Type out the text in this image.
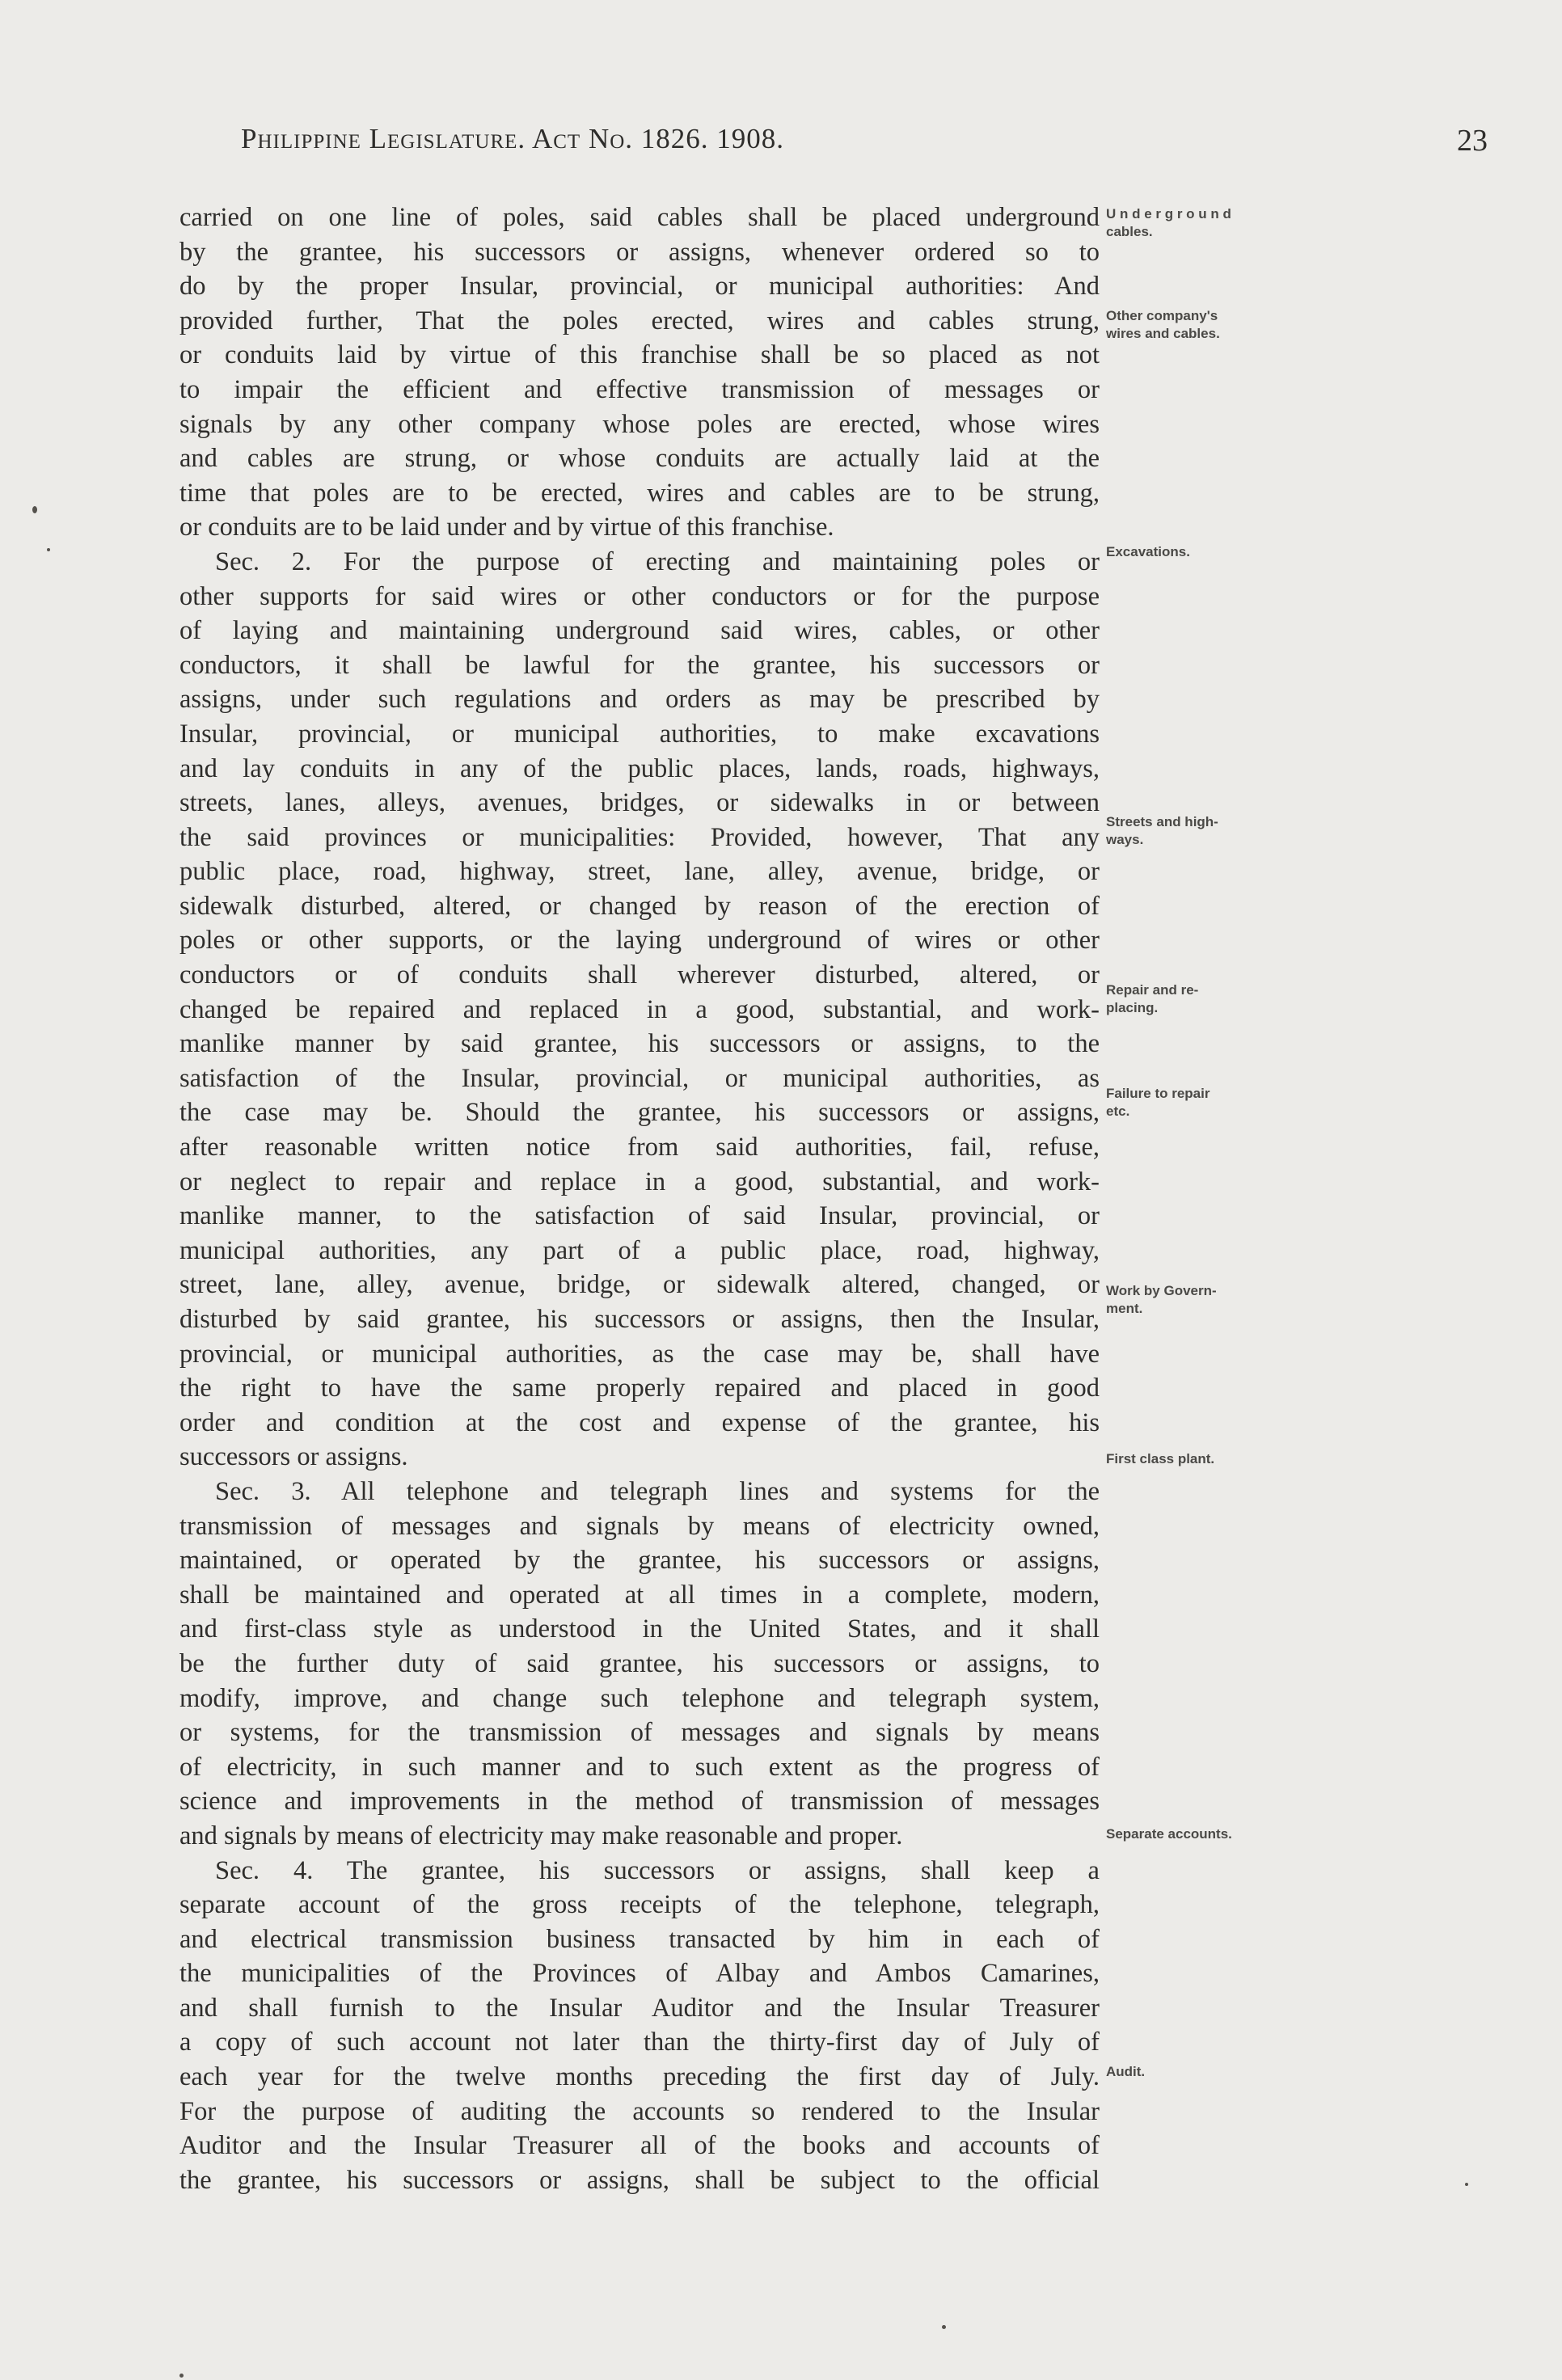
Philippine Legislature. Act No. 1826. 1908.	23
carried on one line of poles, said cables shall be placed underground
by the grantee, his successors or assigns, whenever ordered so to
do by the proper Insular, provincial, or municipal authorities: And
provided further, That the poles erected, wires and cables strung,
or conduits laid by virtue of this franchise shall be so placed as not
to impair the efficient and effective transmission of messages or
signals by any other company whose poles are erected, whose wires
and cables are strung, or whose conduits are actually laid at the
time that poles are to be erected, wires and cables are to be strung,
or conduits are to be laid under and by virtue of this franchise.
Sec. 2. For the purpose of erecting and maintaining poles or
other supports for said wires or other conductors or for the purpose
of laying and maintaining underground said wires, cables, or other
conductors, it shall be lawful for the grantee, his successors or
assigns, under such regulations and orders as may be prescribed by
Insular, provincial, or municipal authorities, to make excavations
and lay conduits in any of the public places, lands, roads, highways,
streets, lanes, alleys, avenues, bridges, or sidewalks in or between
the said provinces or municipalities: Provided, however, That any
public place, road, highway, street, lane, alley, avenue, bridge, or
sidewalk disturbed, altered, or changed by reason of the erection of
poles or other supports, or the laying underground of wires or other
conductors or of conduits shall wherever disturbed, altered, or
changed be repaired and replaced in a good, substantial, and work-
manlike manner by said grantee, his successors or assigns, to the
satisfaction of the Insular, provincial, or municipal authorities, as
the case may be. Should the grantee, his successors or assigns,
after reasonable written notice from said authorities, fail, refuse,
or neglect to repair and replace in a good, substantial, and work-
manlike manner, to the satisfaction of said Insular, provincial, or
municipal authorities, any part of a public place, road, highway,
street, lane, alley, avenue, bridge, or sidewalk altered, changed, or
disturbed by said grantee, his successors or assigns, then the Insular,
provincial, or municipal authorities, as the case may be, shall have
the right to have the same properly repaired and placed in good
order and condition at the cost and expense of the grantee, his
successors or assigns.
Sec. 3. All telephone and telegraph lines and systems for the
transmission of messages and signals by means of electricity owned,
maintained, or operated by the grantee, his successors or assigns,
shall be maintained and operated at all times in a complete, modern,
and first-class style as understood in the United States, and it shall
be the further duty of said grantee, his successors or assigns, to
modify, improve, and change such telephone and telegraph system,
or systems, for the transmission of messages and signals by means
of electricity, in such manner and to such extent as the progress of
science and improvements in the method of transmission of messages
and signals by means of electricity may make reasonable and proper.
Sec. 4. The grantee, his successors or assigns, shall keep a
separate account of the gross receipts of the telephone, telegraph,
and electrical transmission business transacted by him in each of
the municipalities of the Provinces of Albay and Ambos Camarines,
and shall furnish to the Insular Auditor and the Insular Treasurer
a copy of such account not later than the thirty-first day of July of
each year for the twelve months preceding the first day of July.
For the purpose of auditing the accounts so rendered to the Insular
Auditor and the Insular Treasurer all of the books and accounts of
the grantee, his successors or assigns, shall be subject to the official
U n d e r g r o u n d
cables.
Other company's
wires and cables.
Excavations.
Streets and high-
ways.
Repair and re-
placing.
Failure to repair
etc.
Work by Govern-
ment.
First class plant.
Separate accounts.
Audit.
